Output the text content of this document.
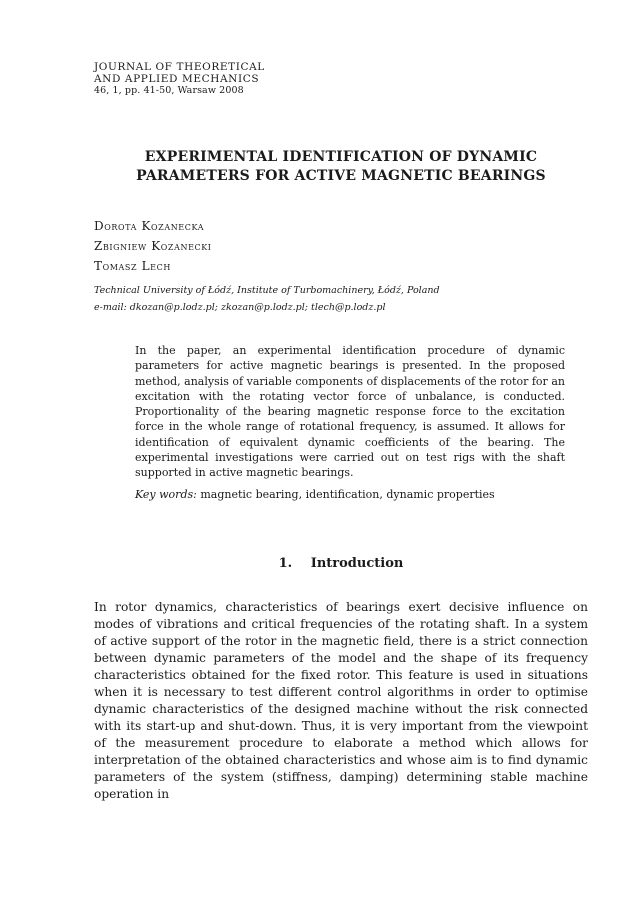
JOURNAL OF THEORETICAL
AND APPLIED MECHANICS
46, 1, pp. 41-50, Warsaw 2008
EXPERIMENTAL IDENTIFICATION OF DYNAMIC
PARAMETERS FOR ACTIVE MAGNETIC BEARINGS
Dorota Kozanecka
Zbigniew Kozanecki
Tomasz Lech
Technical University of Łódź, Institute of Turbomachinery, Łódź, Poland
e-mail: dkozan@p.lodz.pl; zkozan@p.lodz.pl; tlech@p.lodz.pl

In the paper, an experimental identification procedure of dynamic parameters for active magnetic bearings is presented. In the proposed method, analysis of variable components of displacements of the rotor for an excitation with the rotating vector force of unbalance, is conducted. Proportionality of the bearing magnetic response force to the excitation force in the whole range of rotational frequency, is assumed. It allows for identification of equivalent dynamic coefficients of the bearing. The experimental investigations were carried out on test rigs with the shaft supported in active magnetic bearings.

Key words: magnetic bearing, identification, dynamic properties

1. Introduction

In rotor dynamics, characteristics of bearings exert decisive influence on modes of vibrations and critical frequencies of the rotating shaft. In a system of active support of the rotor in the magnetic field, there is a strict connection between dynamic parameters of the model and the shape of its frequency characteristics obtained for the fixed rotor. This feature is used in situations when it is necessary to test different control algorithms in order to optimise dynamic characteristics of the designed machine without the risk connected with its start-up and shut-down. Thus, it is very important from the viewpoint of the measurement procedure to elaborate a method which allows for interpretation of the obtained characteristics and whose aim is to find dynamic parameters of the system (stiffness, damping) determining stable machine operation in
